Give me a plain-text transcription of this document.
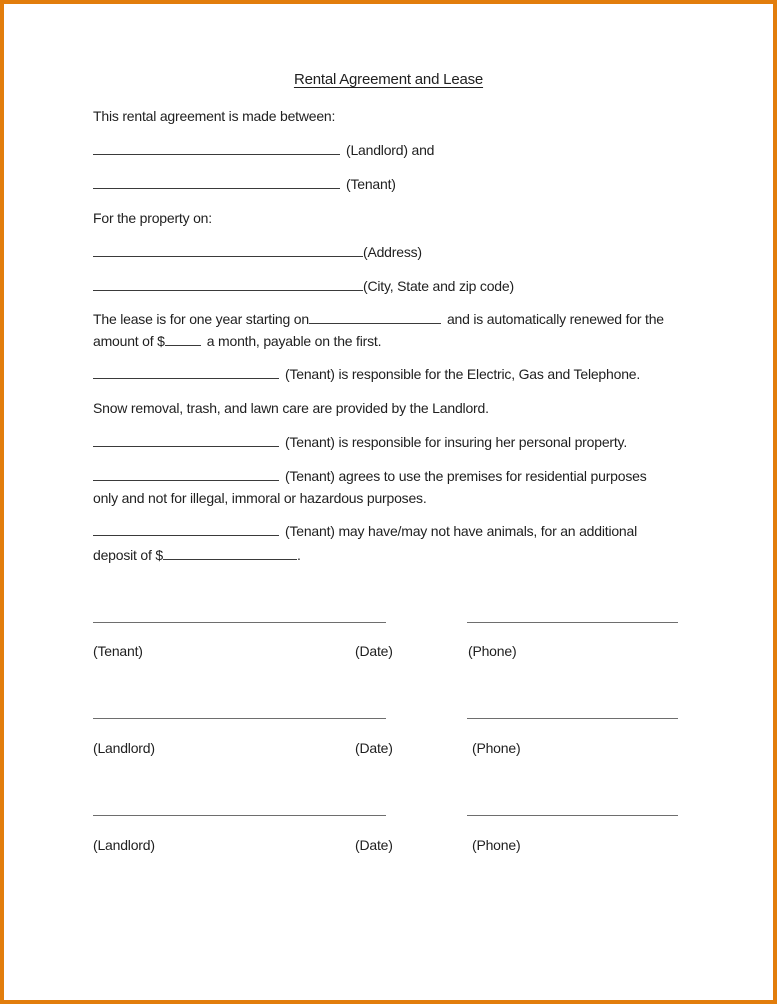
Rental Agreement and Lease
This rental agreement is made between:
(Landlord) and
(Tenant)
For the property on:
(Address)
(City, State and zip code)
The lease is for one year starting on	and is automatically renewed for the
amount of $	a month, payable on the first.
(Tenant) is responsible for the Electric, Gas and Telephone.
Snow removal, trash, and lawn care are provided by the Landlord.
(Tenant) is responsible for insuring her personal property.
(Tenant) agrees to use the premises for residential purposes
only and not for illegal, immoral or hazardous purposes.
(Tenant) may have/may not have animals, for an additional
deposit of $	.
(Tenant)	(Date)	(Phone)
(Landlord)	(Date)	(Phone)
(Landlord)	(Date)	(Phone)
